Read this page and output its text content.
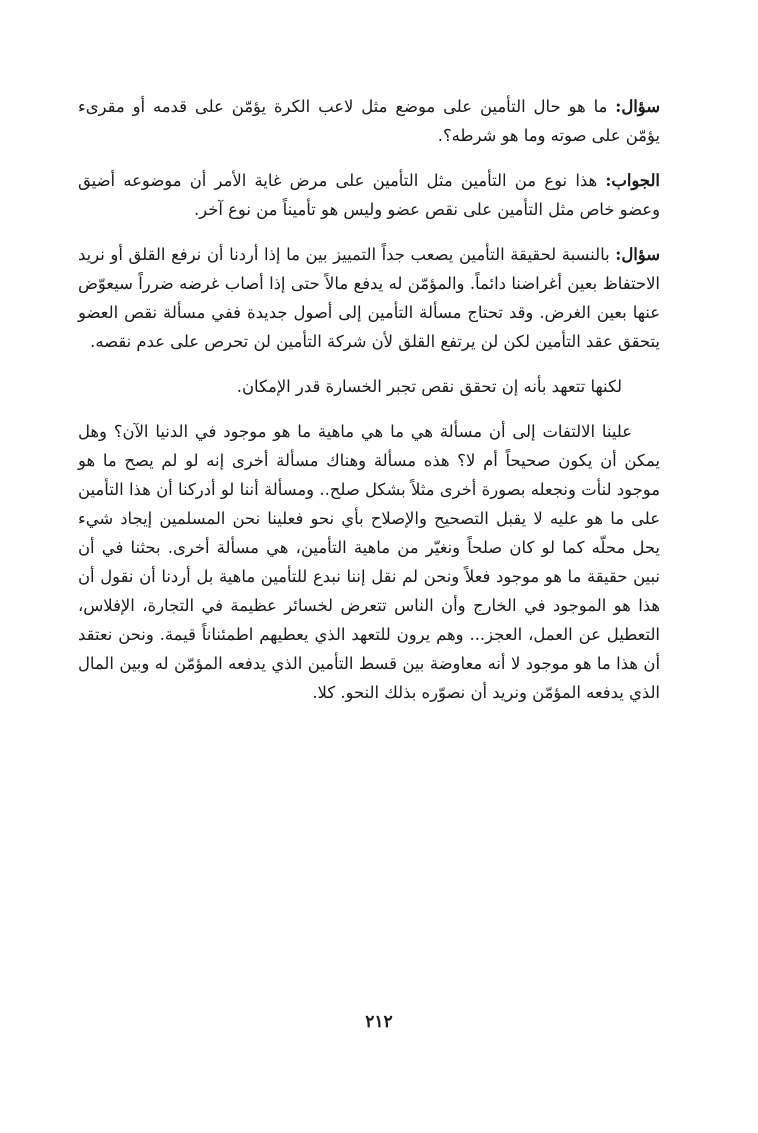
سؤال: ما هو حال التأمين على موضع مثل لاعب الكرة يؤمّن على قدمه أو مقرىء يؤمّن على صوته وما هو شرطه؟.

الجواب: هذا نوع من التأمين مثل التأمين على مرض غاية الأمر أن موضوعه أضيق وعضو خاص مثل التأمين على نقص عضو وليس هو تأميناً من نوع آخر.

سؤال: بالنسبة لحقيقة التأمين يصعب جداً التمييز بين ما إذا أردنا أن نرفع القلق أو نريد الاحتفاظ بعين أغراضنا دائماً. والمؤمّن له يدفع مالاً حتى إذا أصاب غرضه ضرراً سيعوّض عنها بعين الغرض. وقد تحتاج مسألة التأمين إلى أصول جديدة ففي مسألة نقص العضو يتحقق عقد التأمين لكن لن يرتفع القلق لأن شركة التأمين لن تحرص على عدم نقصه.

لكنها تتعهد بأنه إن تحقق نقص تجبر الخسارة قدر الإمكان.

علينا الالتفات إلى أن مسألة هي ما هي ماهية ما هو موجود في الدنيا الآن؟ وهل يمكن أن يكون صحيحاً أم لا؟ هذه مسألة وهناك مسألة أخرى إنه لو لم يصح ما هو موجود لنأت ونجعله بصورة أخرى مثلاً بشكل صلح.. ومسألة أننا لو أدركنا أن هذا التأمين على ما هو عليه لا يقبل التصحيح والإصلاح بأي نحو فعلينا نحن المسلمين إيجاد شيء يحل محلّه كما لو كان صلحاً ونغيّر من ماهية التأمين، هي مسألة أخرى. بحثنا في أن نبين حقيقة ما هو موجود فعلاً ونحن لم نقل إننا نبدع للتأمين ماهية بل أردنا أن نقول أن هذا هو الموجود في الخارج وأن الناس تتعرض لخسائر عظيمة في التجارة، الإفلاس، التعطيل عن العمل، العجز... وهم يرون للتعهد الذي يعطيهم اطمئناناً قيمة. ونحن نعتقد أن هذا ما هو موجود لا أنه معاوضة بين قسط التأمين الذي يدفعه المؤمّن له وبين المال الذي يدفعه المؤمّن ونريد أن نصوّره بذلك النحو. كلا.

٢١٢
